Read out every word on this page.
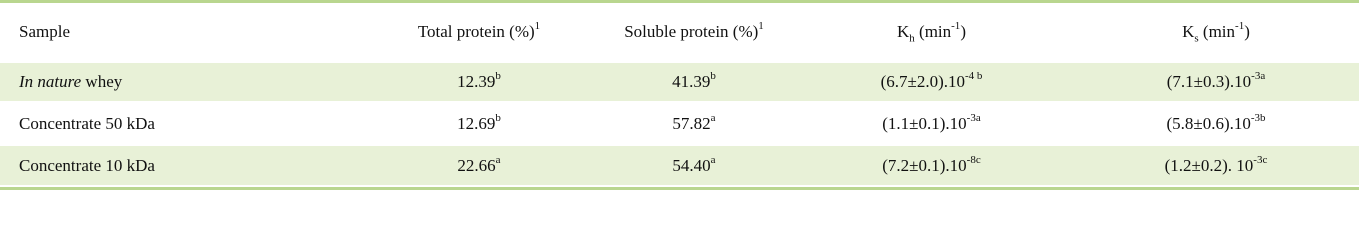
Sample	Total protein (%)$^1$	Soluble protein (%)$^1$	$K_h$ $(\min^{-1})$	$K_s$ $(\min^{-1})$
In nature whey	12.39$^b$	41.39$^b$	$(6.7\pm 2.0).10^{-4 b}$	$(7.1\pm 0.3).10^{-3a}$
Concentrate 50 kDa	12.69$^b$	57.82$^a$	$(1.1\pm 0.1).10^{-3a}$	$(5.8\pm 0.6).10^{-3b}$
Concentrate 10 kDa	22.66$^a$	54.40$^a$	$(7.2\pm 0.1).10^{-8c}$	(1.2±0.2). $10^{-3c}$
